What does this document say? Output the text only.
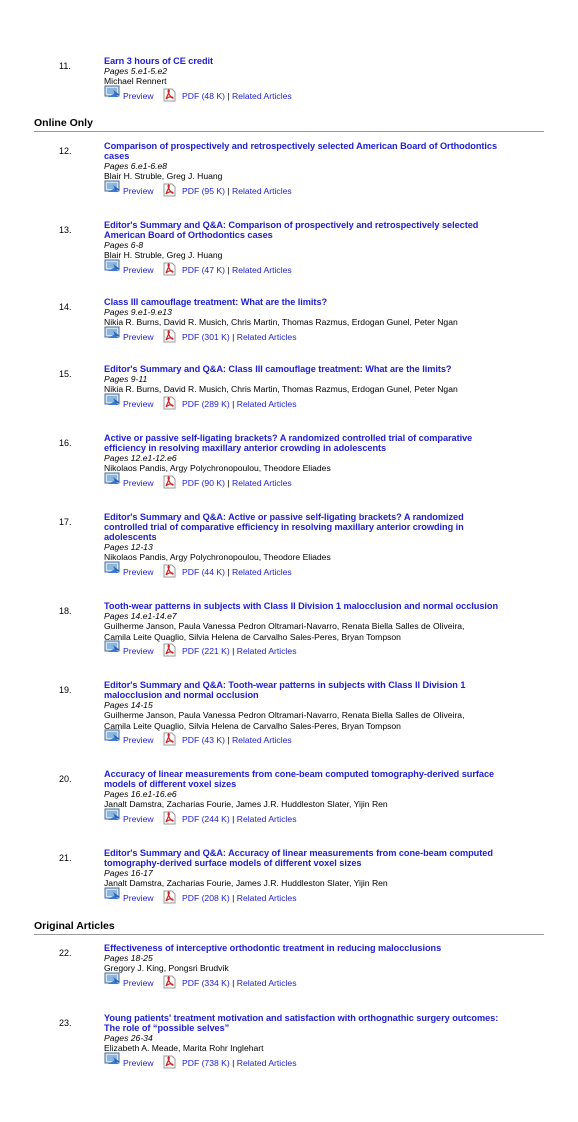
Online Only
Original Articles
11.	Earn 3 hours of CE credit
Pages 5.e1-5.e2
Michael Rennert
Preview	PDF (48 K) | Related Articles
12.	Comparison of prospectively and retrospectively selected American Board of Orthodontics
cases
Pages 6.e1-6.e8
Blair H. Struble, Greg J. Huang
Preview	PDF (95 K) | Related Articles
13.	Editor's Summary and Q&A: Comparison of prospectively and retrospectively selected
American Board of Orthodontics cases
Pages 6-8
Blair H. Struble, Greg J. Huang
Preview	PDF (47 K) | Related Articles
14.	Class III camouflage treatment: What are the limits?
Pages 9.e1-9.e13
Nikia R. Burns, David R. Musich, Chris Martin, Thomas Razmus, Erdogan Gunel, Peter Ngan
Preview	PDF (301 K) | Related Articles
15.	Editor's Summary and Q&A: Class III camouflage treatment: What are the limits?
Pages 9-11
Nikia R. Burns, David R. Musich, Chris Martin, Thomas Razmus, Erdogan Gunel, Peter Ngan
Preview	PDF (289 K) | Related Articles
16.	Active or passive self-ligating brackets? A randomized controlled trial of comparative
efficiency in resolving maxillary anterior crowding in adolescents
Pages 12.e1-12.e6
Nikolaos Pandis, Argy Polychronopoulou, Theodore Eliades
Preview	PDF (90 K) | Related Articles
17.	Editor's Summary and Q&A: Active or passive self-ligating brackets? A randomized
controlled trial of comparative efficiency in resolving maxillary anterior crowding in
adolescents
Pages 12-13
Nikolaos Pandis, Argy Polychronopoulou, Theodore Eliades
Preview	PDF (44 K) | Related Articles
18.	Tooth-wear patterns in subjects with Class II Division 1 malocclusion and normal occlusion
Pages 14.e1-14.e7
Guilherme Janson, Paula Vanessa Pedron Oltramari-Navarro, Renata Biella Salles de Oliveira,
Camila Leite Quaglio, Silvia Helena de Carvalho Sales-Peres, Bryan Tompson
Preview	PDF (221 K) | Related Articles
19.	Editor's Summary and Q&A: Tooth-wear patterns in subjects with Class II Division 1
malocclusion and normal occlusion
Pages 14-15
Guilherme Janson, Paula Vanessa Pedron Oltramari-Navarro, Renata Biella Salles de Oliveira,
Camila Leite Quaglio, Silvia Helena de Carvalho Sales-Peres, Bryan Tompson
Preview	PDF (43 K) | Related Articles
20.	Accuracy of linear measurements from cone-beam computed tomography-derived surface
models of different voxel sizes
Pages 16.e1-16.e6
Janalt Damstra, Zacharias Fourie, James J.R. Huddleston Slater, Yijin Ren
Preview	PDF (244 K) | Related Articles
21.	Editor's Summary and Q&A: Accuracy of linear measurements from cone-beam computed
tomography-derived surface models of different voxel sizes
Pages 16-17
Janalt Damstra, Zacharias Fourie, James J.R. Huddleston Slater, Yijin Ren
Preview	PDF (208 K) | Related Articles
22.	Effectiveness of interceptive orthodontic treatment in reducing malocclusions
Pages 18-25
Gregory J. King, Pongsri Brudvik
Preview	PDF (334 K) | Related Articles
23.	Young patients' treatment motivation and satisfaction with orthognathic surgery outcomes:
The role of “possible selves”
Pages 26-34
Elizabeth A. Meade, Marita Rohr Inglehart
Preview	PDF (738 K) | Related Articles
